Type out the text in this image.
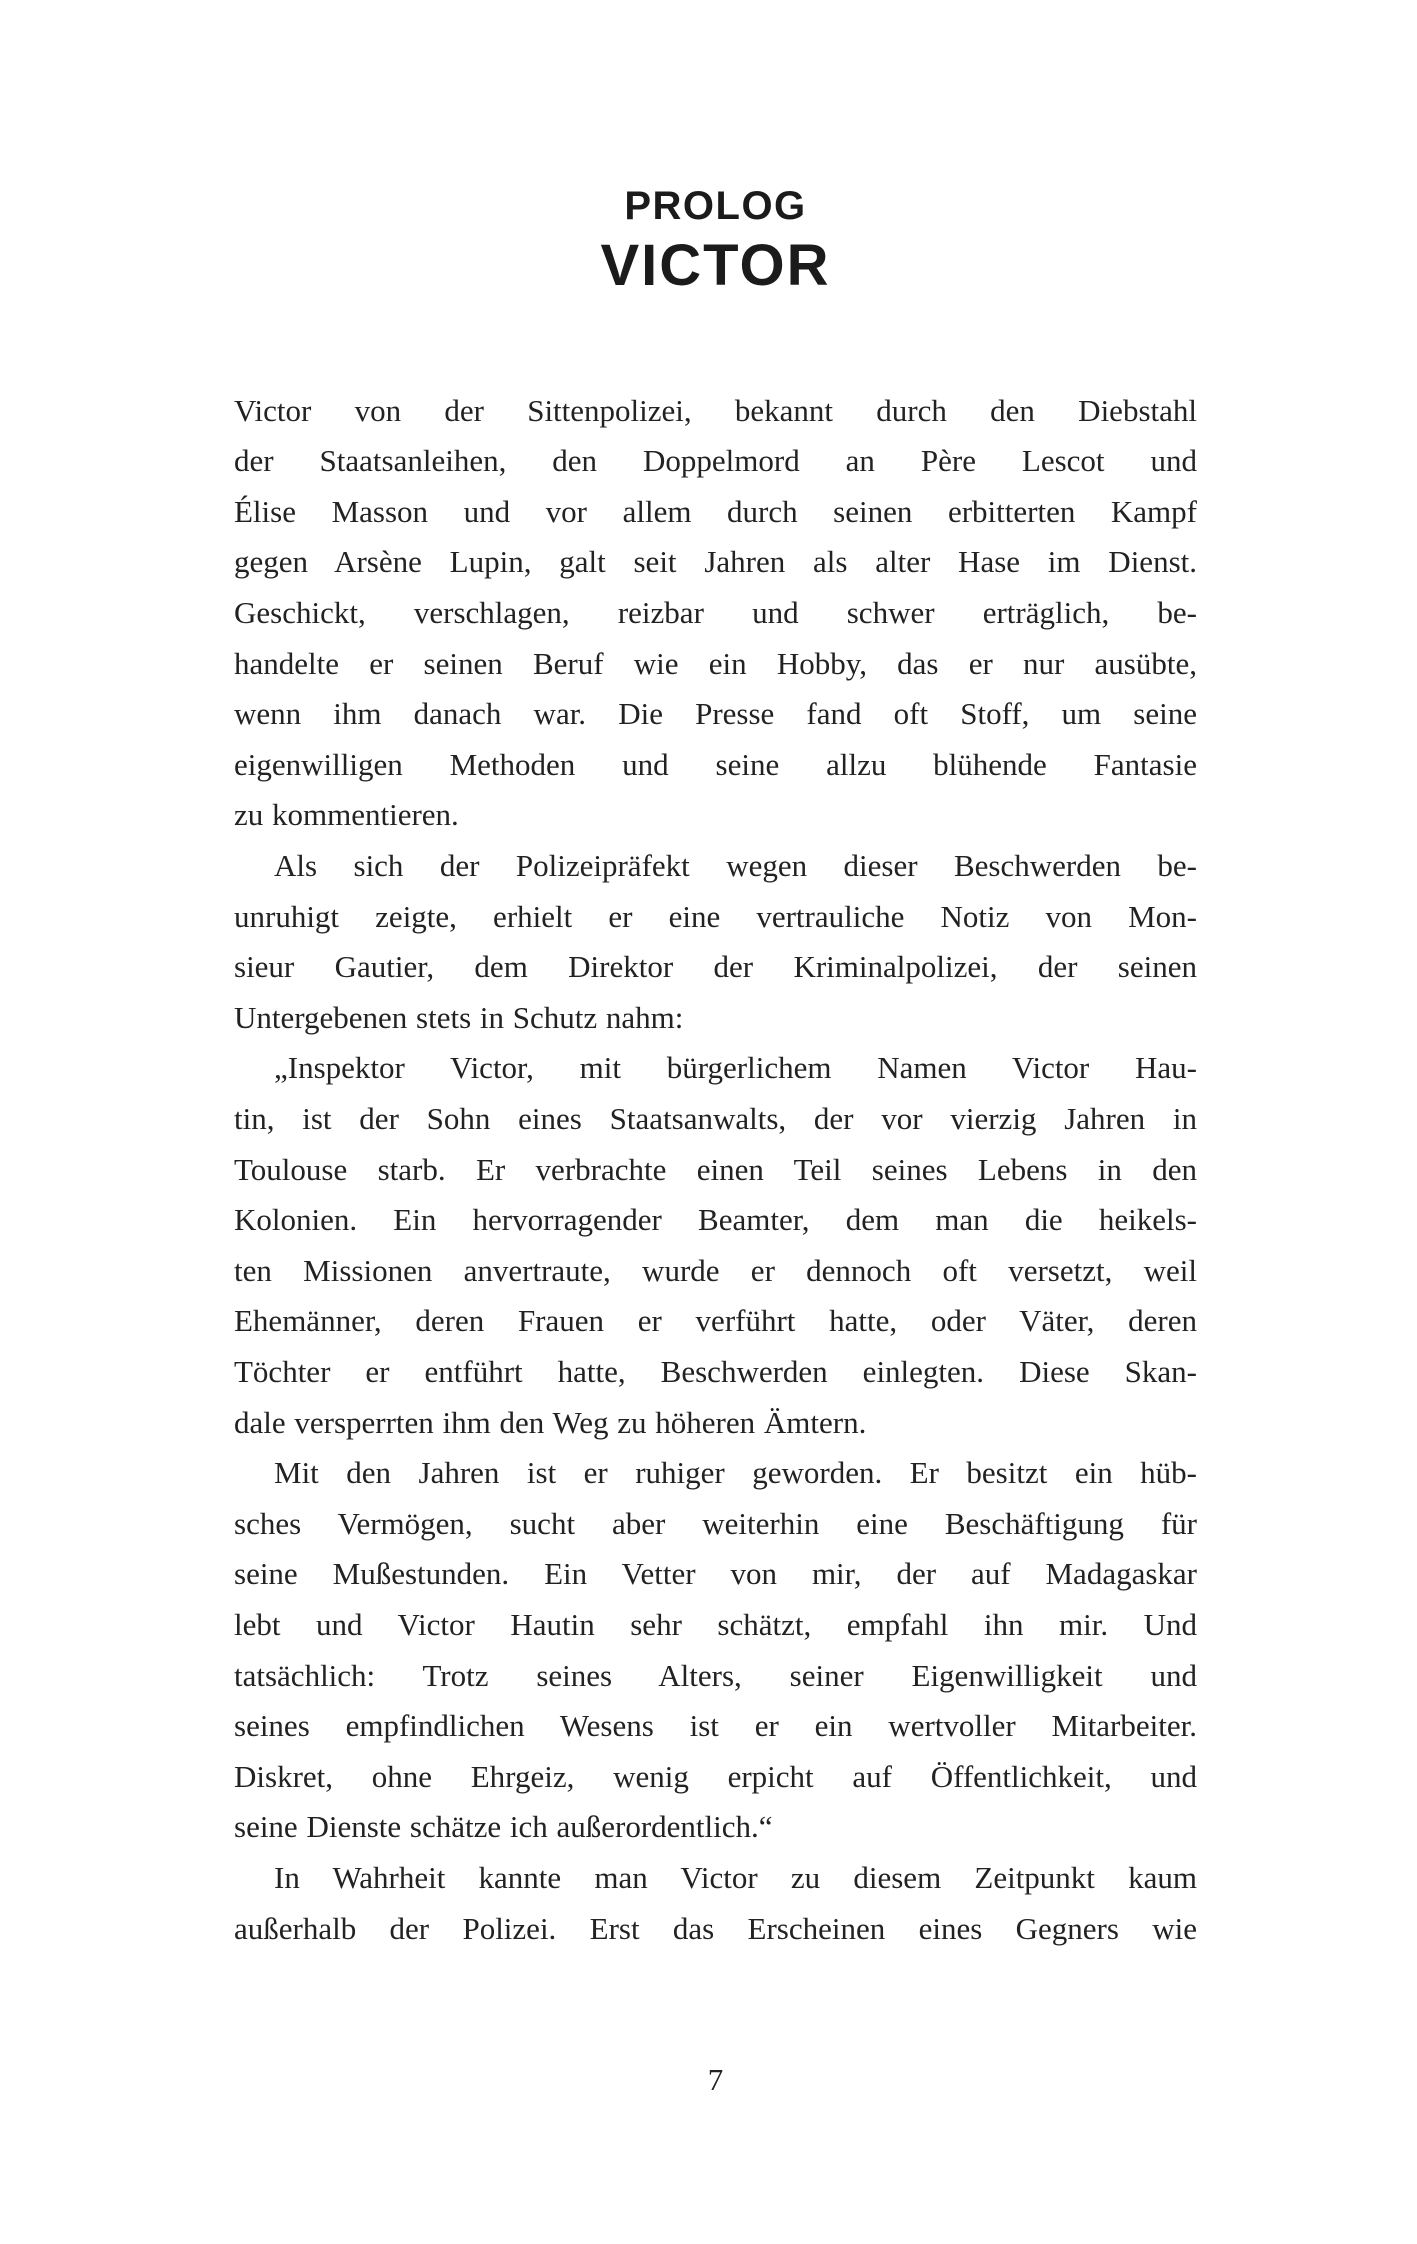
PROLOG
VICTOR
Victor von der Sittenpolizei, bekannt durch den Diebstahl
der Staatsanleihen, den Doppelmord an Père Lescot und
Élise Masson und vor allem durch seinen erbitterten Kampf
gegen Arsène Lupin, galt seit Jahren als alter Hase im Dienst.
Geschickt, verschlagen, reizbar und schwer erträglich, be-
handelte er seinen Beruf wie ein Hobby, das er nur ausübte,
wenn ihm danach war. Die Presse fand oft Stoff, um seine
eigenwilligen Methoden und seine allzu blühende Fantasie
zu kommentieren.
Als sich der Polizeipräfekt wegen dieser Beschwerden be-
unruhigt zeigte, erhielt er eine vertrauliche Notiz von Mon-
sieur Gautier, dem Direktor der Kriminalpolizei, der seinen
Untergebenen stets in Schutz nahm:
„Inspektor Victor, mit bürgerlichem Namen Victor Hau-
tin, ist der Sohn eines Staatsanwalts, der vor vierzig Jahren in
Toulouse starb. Er verbrachte einen Teil seines Lebens in den
Kolonien. Ein hervorragender Beamter, dem man die heikels-
ten Missionen anvertraute, wurde er dennoch oft versetzt, weil
Ehemänner, deren Frauen er verführt hatte, oder Väter, deren
Töchter er entführt hatte, Beschwerden einlegten. Diese Skan-
dale versperrten ihm den Weg zu höheren Ämtern.
Mit den Jahren ist er ruhiger geworden. Er besitzt ein hüb-
sches Vermögen, sucht aber weiterhin eine Beschäftigung für
seine Mußestunden. Ein Vetter von mir, der auf Madagaskar
lebt und Victor Hautin sehr schätzt, empfahl ihn mir. Und
tatsächlich: Trotz seines Alters, seiner Eigenwilligkeit und
seines empfindlichen Wesens ist er ein wertvoller Mitarbeiter.
Diskret, ohne Ehrgeiz, wenig erpicht auf Öffentlichkeit, und
seine Dienste schätze ich außerordentlich.“
In Wahrheit kannte man Victor zu diesem Zeitpunkt kaum
außerhalb der Polizei. Erst das Erscheinen eines Gegners wie
7
